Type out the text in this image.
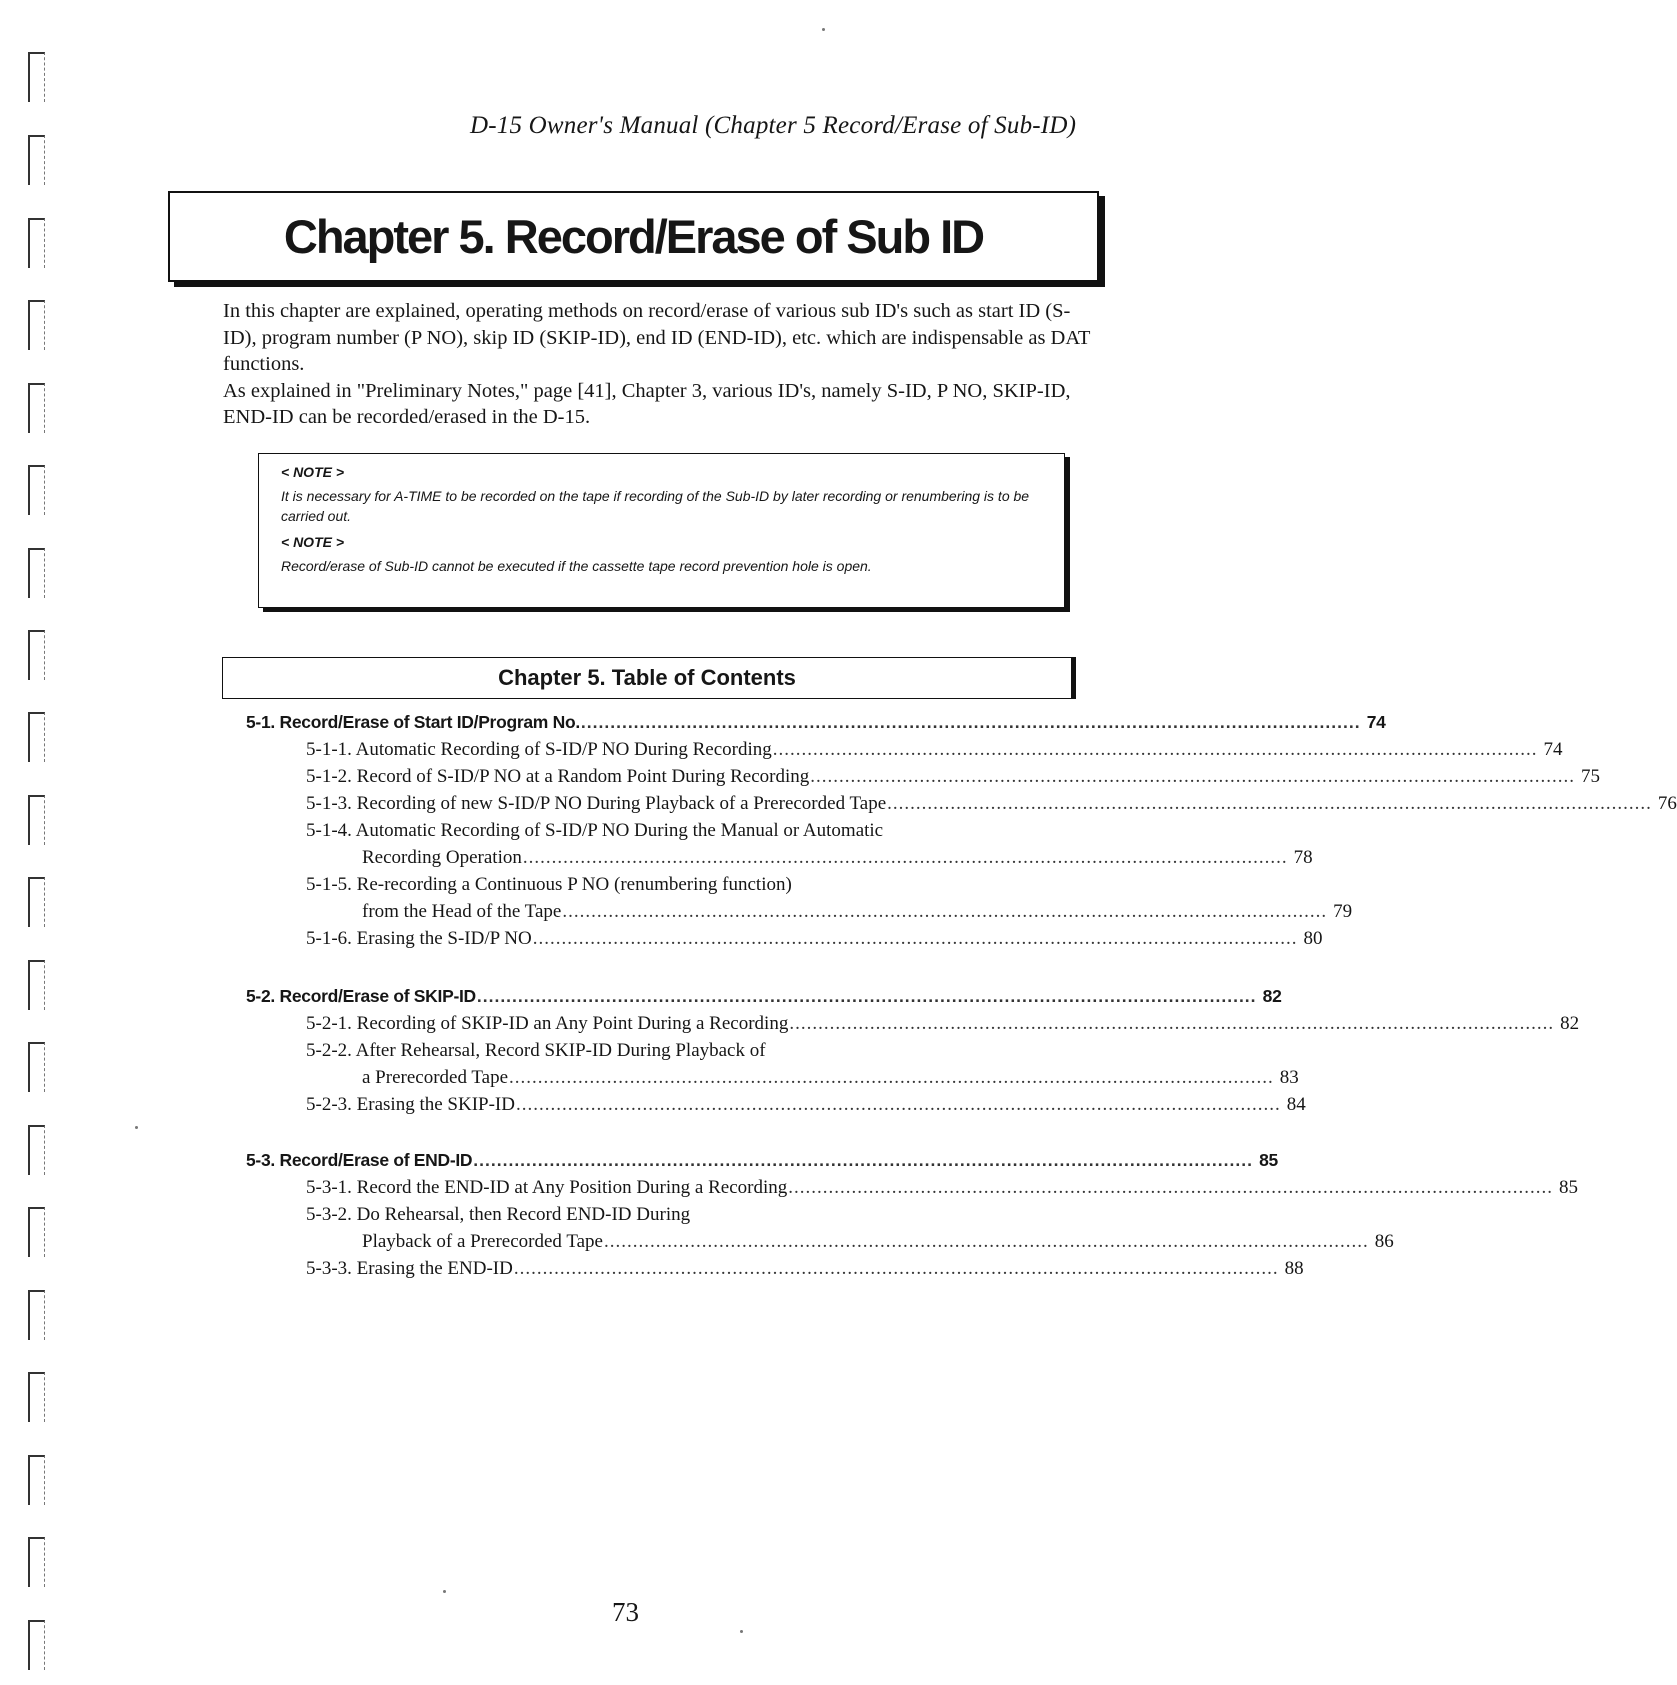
D-15 Owner's Manual (Chapter 5 Record/Erase of Sub-ID)
Chapter 5. Record/Erase of Sub ID

In this chapter are explained, operating methods on record/erase of various sub ID's such as start ID (S-ID), program number (P NO), skip ID (SKIP-ID), end ID (END-ID), etc. which are indispensable as DAT functions.

As explained in "Preliminary Notes," page [41], Chapter 3, various ID's, namely S-ID, P NO, SKIP-ID, END-ID can be recorded/erased in the D-15.

< NOTE >
It is necessary for A-TIME to be recorded on the tape if recording of the Sub-ID by later recording or renumbering is to be carried out.
< NOTE >
Record/erase of Sub-ID cannot be executed if the cassette tape record prevention hole is open.
Chapter 5. Table of Contents
5-1. Record/Erase of Start ID/Program No. ..................................................................................................................................... 74
5-1-1. Automatic Recording of S-ID/P NO During Recording ..................................................................................................................................... 74
5-1-2. Record of S-ID/P NO at a Random Point During Recording ..................................................................................................................................... 75
5-1-3. Recording of new S-ID/P NO During Playback of a Prerecorded Tape ..................................................................................................................................... 76
5-1-4. Automatic Recording of S-ID/P NO During the Manual or Automatic
Recording Operation ..................................................................................................................................... 78
5-1-5. Re-recording a Continuous P NO (renumbering function)
from the Head of the Tape ..................................................................................................................................... 79
5-1-6. Erasing the S-ID/P NO ..................................................................................................................................... 80
5-2. Record/Erase of SKIP-ID ..................................................................................................................................... 82
5-2-1. Recording of SKIP-ID an Any Point During a Recording ..................................................................................................................................... 82
5-2-2. After Rehearsal, Record SKIP-ID During Playback of
a Prerecorded Tape ..................................................................................................................................... 83
5-2-3. Erasing the SKIP-ID ..................................................................................................................................... 84
5-3. Record/Erase of END-ID ..................................................................................................................................... 85
5-3-1. Record the END-ID at Any Position During a Recording ..................................................................................................................................... 85
5-3-2. Do Rehearsal, then Record END-ID During
Playback of a Prerecorded Tape ..................................................................................................................................... 86
5-3-3. Erasing the END-ID ..................................................................................................................................... 88
73
